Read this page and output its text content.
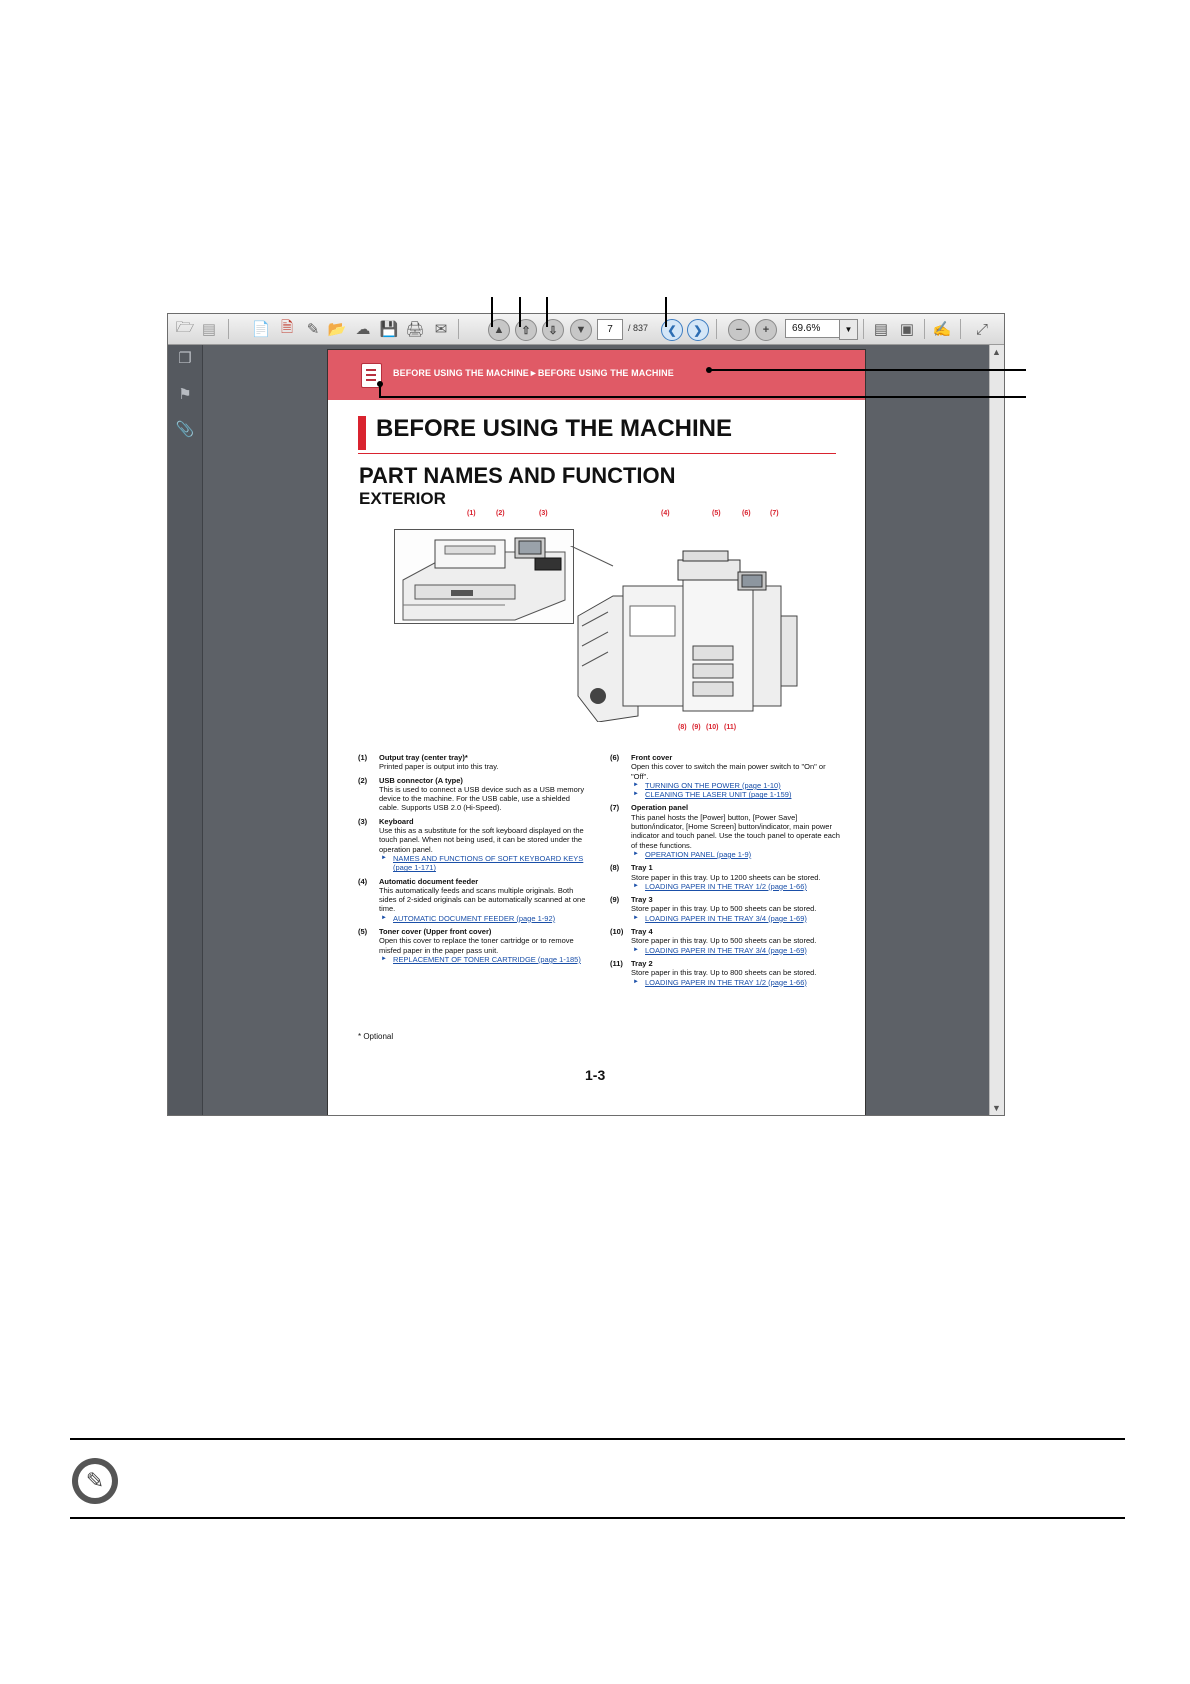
🗁 ▤ 📄 🗎 ✎ 📂 ☁ 💾 🖨 ✉	▲	⇧	⇩	▼	7	/ 837	❮	❯	−	+	69.6%	▼	▤ ▣ ✍	⤢
❐
⚑
📎
▲
▼
BEFORE USING THE MACHINE►BEFORE USING THE MACHINE
BEFORE USING THE MACHINE
PART NAMES AND FUNCTION
EXTERIOR
(1)	(2)	(3)	(4)	(5)	(6)	(7)
(8) (9) (10) (11)
(1) Output tray (center tray)*
Printed paper is output into this tray.
(2) USB connector (A type)
This is used to connect a USB device such as a USB memory device to the machine. For the USB cable, use a shielded cable. Supports USB 2.0 (Hi-Speed).
(3) Keyboard
Use this as a substitute for the soft keyboard displayed on the touch panel. When not being used, it can be stored under the operation panel.
► NAMES AND FUNCTIONS OF SOFT KEYBOARD KEYS (page 1-171)
(4) Automatic document feeder
This automatically feeds and scans multiple originals. Both sides of 2-sided originals can be automatically scanned at one time.
► AUTOMATIC DOCUMENT FEEDER (page 1-92)
(5) Toner cover (Upper front cover)
Open this cover to replace the toner cartridge or to remove misfed paper in the paper pass unit.
► REPLACEMENT OF TONER CARTRIDGE (page 1-185)
(6) Front cover
Open this cover to switch the main power switch to "On" or "Off".
► TURNING ON THE POWER (page 1-10)
► CLEANING THE LASER UNIT (page 1-159)
(7) Operation panel
This panel hosts the [Power] button, [Power Save] button/indicator, [Home Screen] button/indicator, main power indicator and touch panel. Use the touch panel to operate each of these functions.
► OPERATION PANEL (page 1-9)
(8) Tray 1
Store paper in this tray. Up to 1200 sheets can be stored.
► LOADING PAPER IN THE TRAY 1/2 (page 1-66)
(9) Tray 3
Store paper in this tray. Up to 500 sheets can be stored.
► LOADING PAPER IN THE TRAY 3/4 (page 1-69)
(10) Tray 4
Store paper in this tray. Up to 500 sheets can be stored.
► LOADING PAPER IN THE TRAY 3/4 (page 1-69)
(11) Tray 2
Store paper in this tray. Up to 800 sheets can be stored.
► LOADING PAPER IN THE TRAY 1/2 (page 1-66)
* Optional
1-3
✎
